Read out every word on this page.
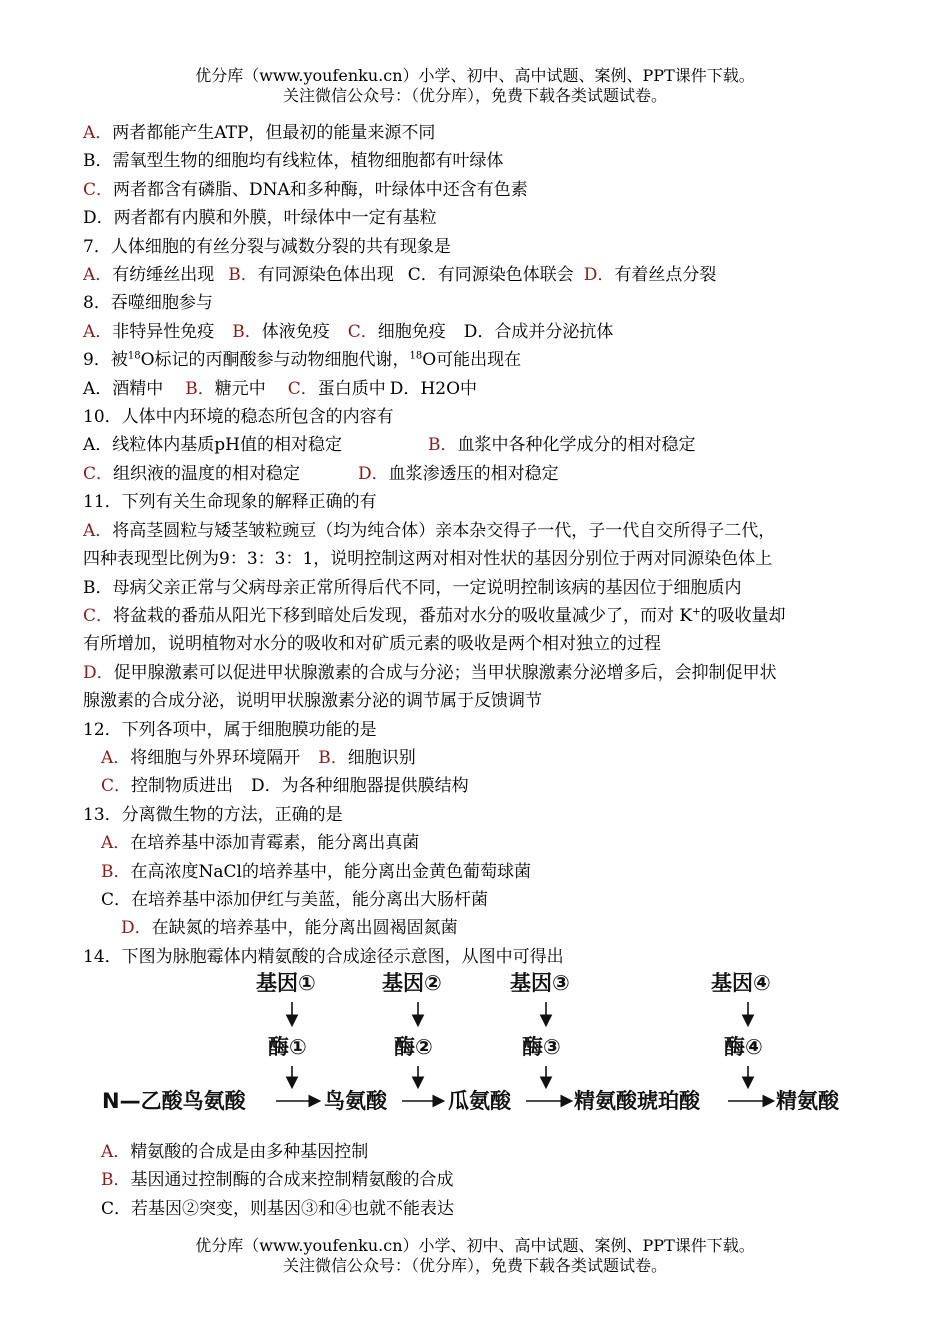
优分库（www.youfenku.cn）小学、初中、高中试题、案例、PPT课件下载。
关注微信公众号：（优分库），免费下载各类试题试卷。
A．两者都能产生ATP，但最初的能量来源不同
B．需氧型生物的细胞均有线粒体，植物细胞都有叶绿体
C．两者都含有磷脂、DNA和多种酶，叶绿体中还含有色素
D．两者都有内膜和外膜，叶绿体中一定有基粒
7．人体细胞的有丝分裂与减数分裂的共有现象是
A．有纺缍丝出现 B．有同源染色体出现 C．有同源染色体联会 D．有着丝点分裂
8．吞噬细胞参与
A．非特异性免疫 B．体液免疫 C．细胞免疫 D．合成并分泌抗体
9．被$^{18}$O标记的丙酮酸参与动物细胞代谢，$^{18}$O可能出现在
A．酒精中 B．糖元中 C．蛋白质中 D．H2O中
10．人体中内环境的稳态所包含的内容有
A．线粒体内基质pH值的相对稳定	B．血浆中各种化学成分的相对稳定
C．组织液的温度的相对稳定	D．血浆渗透压的相对稳定
11．下列有关生命现象的解释正确的有
A．将高茎圆粒与矮茎皱粒豌豆（均为纯合体）亲本杂交得子一代，子一代自交所得子二代，
四种表现型比例为9：3：3：1，说明控制这两对相对性状的基因分别位于两对同源染色体上
B．母病父亲正常与父病母亲正常所得后代不同，一定说明控制该病的基因位于细胞质内
C．将盆栽的番茄从阳光下移到暗处后发现，番茄对水分的吸收量减少了，而对 K+的吸收量却
有所增加，说明植物对水分的吸收和对矿质元素的吸收是两个相对独立的过程
D．促甲腺激素可以促进甲状腺激素的合成与分泌；当甲状腺激素分泌增多后，会抑制促甲状
腺激素的合成分泌，说明甲状腺激素分泌的调节属于反馈调节
12．下列各项中，属于细胞膜功能的是
A．将细胞与外界环境隔开 B．细胞识别
C．控制物质进出 D．为各种细胞器提供膜结构
13．分离微生物的方法，正确的是
A．在培养基中添加青霉素，能分离出真菌
B．在高浓度NaCl的培养基中，能分离出金黄色葡萄球菌
C．在培养基中添加伊红与美蓝，能分离出大肠杆菌
D．在缺氮的培养基中，能分离出圆褐固氮菌
14．下图为脉胞霉体内精氨酸的合成途径示意图，从图中可得出
基因①	基因②	基因③	基因④
酶①	酶②	酶③	酶④
N—乙酸鸟氨酸	鸟氨酸	瓜氨酸	精氨酸琥珀酸	精氨酸
A．精氨酸的合成是由多种基因控制
B．基因通过控制酶的合成来控制精氨酸的合成
C．若基因②突变，则基因③和④也就不能表达
优分库（www.youfenku.cn）小学、初中、高中试题、案例、PPT课件下载。
关注微信公众号：（优分库），免费下载各类试题试卷。
